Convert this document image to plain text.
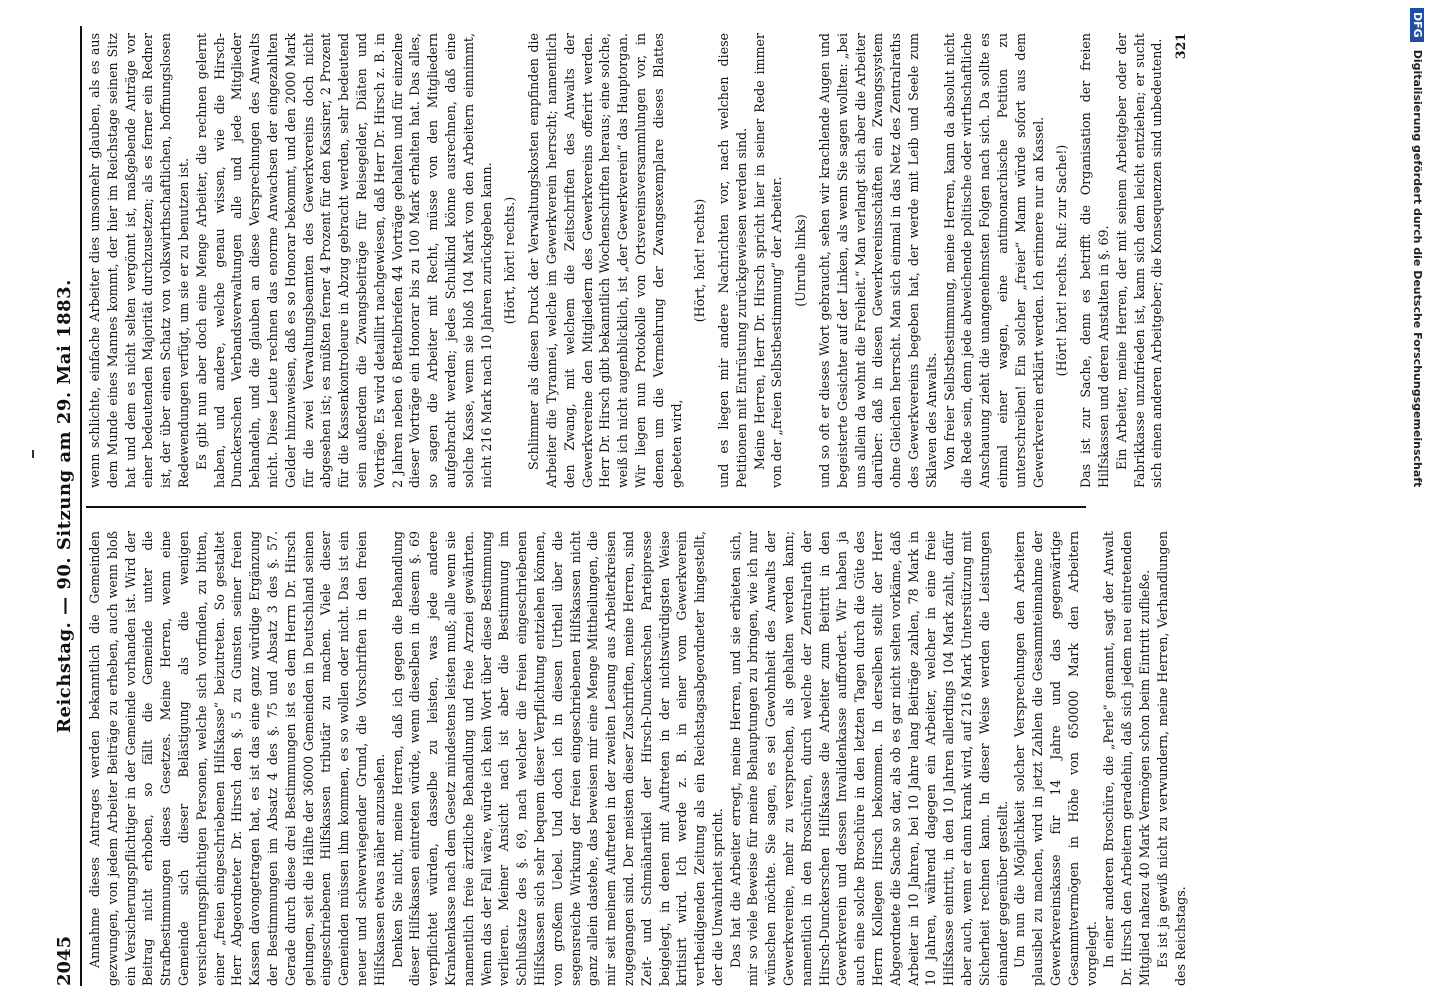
2045
Reichstag. — 90. Sitzung am 29. Mai 1883.

Annahme dieses Antrages werden bekanntlich die Gemeinden gezwungen, von jedem Arbeiter Beiträge zu erheben, auch wenn bloß ein Versicherungspflichtiger in der Gemeinde vorhanden ist. Wird der Beitrag nicht erhoben, so fällt die Gemeinde unter die Strafbestimmungen dieses Gesetzes. Meine Herren, wenn eine Gemeinde sich dieser Belästigung als die wenigen versicherungspflichtigen Personen, welche sich vorfinden, zu bitten, einer „freien eingeschriebenen Hilfskasse“ beizutreten. So gestaltet Herr Abgeordneter Dr. Hirsch den §. 5 zu Gunsten seiner freien Kassen davongetragen hat, es ist das eine ganz würdige Ergänzung der Bestimmungen im Absatz 4 des §. 75 und Absatz 3 des §. 57. Gerade durch diese drei Bestimmungen ist es dem Herrn Dr. Hirsch gelungen, seit die Hälfte der 36000 Gemeinden in Deutschland seinen eingeschriebenen Hilfskassen tributär zu machen. Viele dieser Gemeinden müssen ihm kommen, es so wollen oder nicht. Das ist ein neuer und schwerwiegender Grund, die Vorschriften in den freien Hilfskassen etwas näher anzusehen. Denken Sie nicht, meine Herren, daß ich gegen die Behandlung dieser Hilfskassen eintreten würde, wenn dieselben in diesem §. 69 verpflichtet würden, dasselbe zu leisten, was jede andere Krankenkasse nach dem Gesetz mindestens leisten muß; alle wenn sie namentlich freie ärztliche Behandlung und freie Arznei gewährten. Wenn das der Fall wäre, würde ich kein Wort über diese Bestimmung verlieren. Meiner Ansicht nach ist aber die Bestimmung im Schlußsatze des §. 69, nach welcher die freien eingeschriebenen Hilfskassen sich sehr bequem dieser Verpflichtung entziehen können, von großem Uebel. Und doch ich in diesen Urtheil über die segensreiche Wirkung der freien eingeschriebenen Hilfskassen nicht ganz allein dastehe, das beweisen mir eine Menge Mittheilungen, die mir seit meinem Auftreten in der zweiten Lesung aus Arbeiterkreisen zugegangen sind. Der meisten dieser Zuschriften, meine Herren, sind Zeit- und Schmähartikel der Hirsch-Dunckerschen Parteipresse beigelegt, in denen mit Auftreten in der nichtswürdigsten Weise kritisirt wird. Ich werde z. B. in einer vom Gewerkverein vertheidigenden Zeitung als ein Reichstagsabgeordneter hingestellt, der die Unwahrheit spricht. Das hat die Arbeiter erregt, meine Herren, und sie erbieten sich, mir so viele Beweise für meine Behauptungen zu bringen, wie ich nur wünschen möchte. Sie sagen, es sei Gewohnheit des Anwalts der Gewerkvereine, mehr zu versprechen, als gehalten werden kann; namentlich in den Broschüren, durch welche der Zentralrath der Hirsch-Dunckerschen Hilfskasse die Arbeiter zum Beitritt in den Gewerkverein und dessen Invalidenkasse auffordert. Wir haben ja auch eine solche Broschüre in den letzten Tagen durch die Güte des Herrn Kollegen Hirsch bekommen. In derselben stellt der Herr Abgeordnete die Sache so dar, als ob es gar nicht selten vorkäme, daß Arbeiter in 10 Jahren, bei 10 Jahre lang Beiträge zahlen, 78 Mark in 10 Jahren, während dagegen ein Arbeiter, welcher in eine freie Hilfskasse eintritt, in den 10 Jahren allerdings 104 Mark zahlt, dafür aber auch, wenn er dann krank wird, auf 216 Mark Unterstützung mit Sicherheit rechnen kann. In dieser Weise werden die Leistungen einander gegenüber gestellt. Um nun die Möglichkeit solcher Versprechungen den Arbeitern plausibel zu machen, wird in jetzt Zahlen die Gesammteinnahme der Gewerkvereinskasse für 14 Jahre und das gegenwärtige Gesammtvermögen in Höhe von 650000 Mark den Arbeitern vorgelegt. In einer anderen Broschüre, die „Perle“ genannt, sagt der Anwalt Dr. Hirsch den Arbeitern geradehin, daß sich jedem neu eintretenden Mitglied nahezu 40 Mark Vermögen schon beim Eintritt zufließe. Es ist ja gewiß nicht zu verwundern, meine Herren, Verhandlungen des Reichstags.

wenn schlichte, einfache Arbeiter dies umsomehr glauben, als es aus dem Munde eines Mannes kommt, der hier im Reichstage seinen Sitz hat und dem es nicht selten vergönnt ist, maßgebende Anträge vor einer bedeutenden Majorität durchzusetzen; als es ferner ein Redner ist, der über einen Schatz von volkswirthschaftlichen, hoffnungslosen Redewendungen verfügt, um sie er zu benutzen ist. Es gibt nun aber doch eine Menge Arbeiter, die rechnen gelernt haben, und andere, welche genau wissen, wie die Hirsch-Dunckerschen Verbandsverwaltungen alle und jede Mitglieder behandeln, und die glauben an diese Versprechungen des Anwalts nicht. Diese Leute rechnen das enorme Anwachsen der eingezahlten Gelder hinzuweisen, daß es so Honorar bekommt, und den 2000 Mark für die zwei Verwaltungsbeamten des Gewerkvereins doch nicht abgesehen ist; es müßten ferner 4 Prozent für den Kassirer, 2 Prozent für die Kassenkontroleure in Abzug gebracht werden, sehr bedeutend sein außerdem die Zwangsbeiträge für Reisegelder, Diäten und Vorträge. Es wird detaillirt nachgewiesen, daß Herr Dr. Hirsch z. B. in 2 Jahren neben 6 Bettelbriefen 44 Vorträge gehalten und für einzelne dieser Vorträge ein Honorar bis zu 100 Mark erhalten hat. Das alles, so sagen die Arbeiter mit Recht, müsse von den Mitgliedern aufgebracht werden; jedes Schulkind könne ausrechnen, daß eine solche Kasse, wenn sie bloß 104 Mark von den Arbeitern einnimmt, nicht 216 Mark nach 10 Jahren zurückgeben kann. (Hört, hört! rechts.) Schlimmer als diesen Druck der Verwaltungskosten empfinden die Arbeiter die Tyrannei, welche im Gewerkverein herrscht; namentlich den Zwang, mit welchem die Zeitschriften des Anwalts der Gewerkvereine den Mitgliedern des Gewerkvereins offerirt werden. Herr Dr. Hirsch gibt bekanntlich Wochenschriften heraus; eine solche, weiß ich nicht augenblicklich, ist „der Gewerkverein“ das Hauptorgan. Wir liegen nun Protokolle von Ortsvereinsversammlungen vor, in denen um die Vermehrung der Zwangsexemplare dieses Blattes gebeten wird,

(Hört, hört! rechts) und es liegen mir andere Nachrichten vor, nach welchen diese Petitionen mit Entrüstung zurückgewiesen werden sind. Meine Herren, Herr Dr. Hirsch spricht hier in seiner Rede immer von der „freien Selbstbestimmung“ der Arbeiter. (Unruhe links) und so oft er dieses Wort gebraucht, sehen wir krachlende Augen und begeisterte Gesichter auf der Linken, als wenn Sie sagen wollten: „bei uns allein da wohnt die Freiheit.“ Man verlangt sich aber die Arbeiter darüber: daß in diesen Gewerkvereinsschäften ein Zwangssystem ohne Gleichen herrscht. Man sich einmal in das Netz des Zentralraths des Gewerkvereins begeben hat, der werde mit Leib und Seele zum Sklaven des Anwalts. Von freier Selbstbestimmung, meine Herren, kann da absolut nicht die Rede sein, denn jede abweichende politische oder wirthschaftliche Anschauung zieht die unangenehmsten Folgen nach sich. Da sollte es einmal einer wagen, eine antimonarchische Petition zu unterschreiben! Ein solcher „freier“ Mann würde sofort aus dem Gewerkverein erklärt werden. Ich erinnere nur an Kassel. (Hört! hört! rechts. Ruf: zur Sache!) Das ist zur Sache, denn es betrifft die Organisation der freien Hilfskassen und deren Anstalten in §. 69. Ein Arbeiter, meine Herren, der mit seinem Arbeitgeber oder der Fabrikkasse unzufrieden ist, kann sich dem leicht entziehen; er sucht sich einen anderen Arbeitgeber; die Konsequenzen sind unbedeutend. 321

DFGDigitalisierung gefördert durch die Deutsche Forschungsgemeinschaft
